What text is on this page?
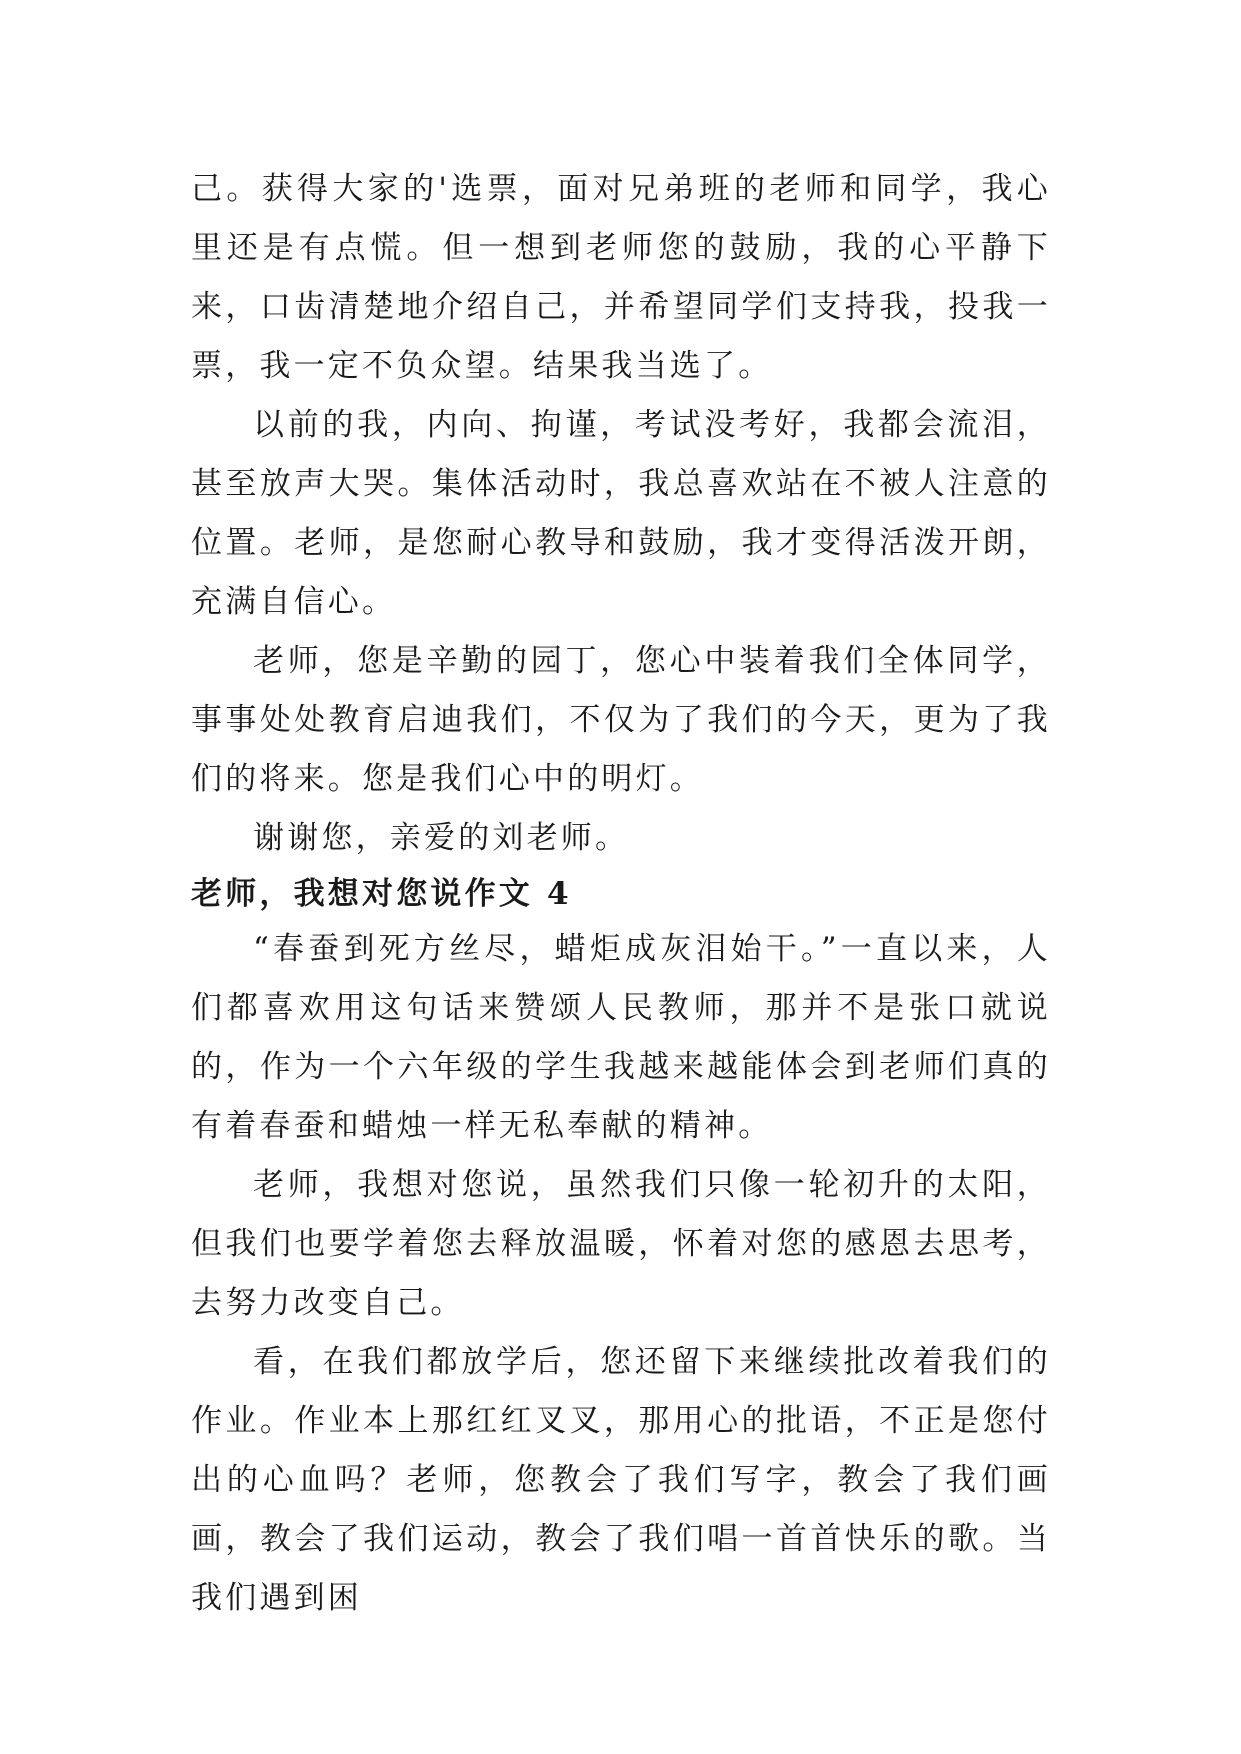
己。获得大家的'选票，面对兄弟班的老师和同学，我心里还是有点慌。但一想到老师您的鼓励，我的心平静下来，口齿清楚地介绍自己，并希望同学们支持我，投我一票，我一定不负众望。结果我当选了。

以前的我，内向、拘谨，考试没考好，我都会流泪，甚至放声大哭。集体活动时，我总喜欢站在不被人注意的位置。老师，是您耐心教导和鼓励，我才变得活泼开朗，充满自信心。

老师，您是辛勤的园丁，您心中装着我们全体同学，事事处处教育启迪我们，不仅为了我们的今天，更为了我们的将来。您是我们心中的明灯。

谢谢您，亲爱的刘老师。

老师，我想对您说作文 4

“春蚕到死方丝尽，蜡炬成灰泪始干。”一直以来，人们都喜欢用这句话来赞颂人民教师，那并不是张口就说的，作为一个六年级的学生我越来越能体会到老师们真的有着春蚕和蜡烛一样无私奉献的精神。

老师，我想对您说，虽然我们只像一轮初升的太阳，但我们也要学着您去释放温暖，怀着对您的感恩去思考，去努力改变自己。

看，在我们都放学后，您还留下来继续批改着我们的作业。作业本上那红红叉叉，那用心的批语，不正是您付出的心血吗？老师，您教会了我们写字，教会了我们画画，教会了我们运动，教会了我们唱一首首快乐的歌。当我们遇到困
